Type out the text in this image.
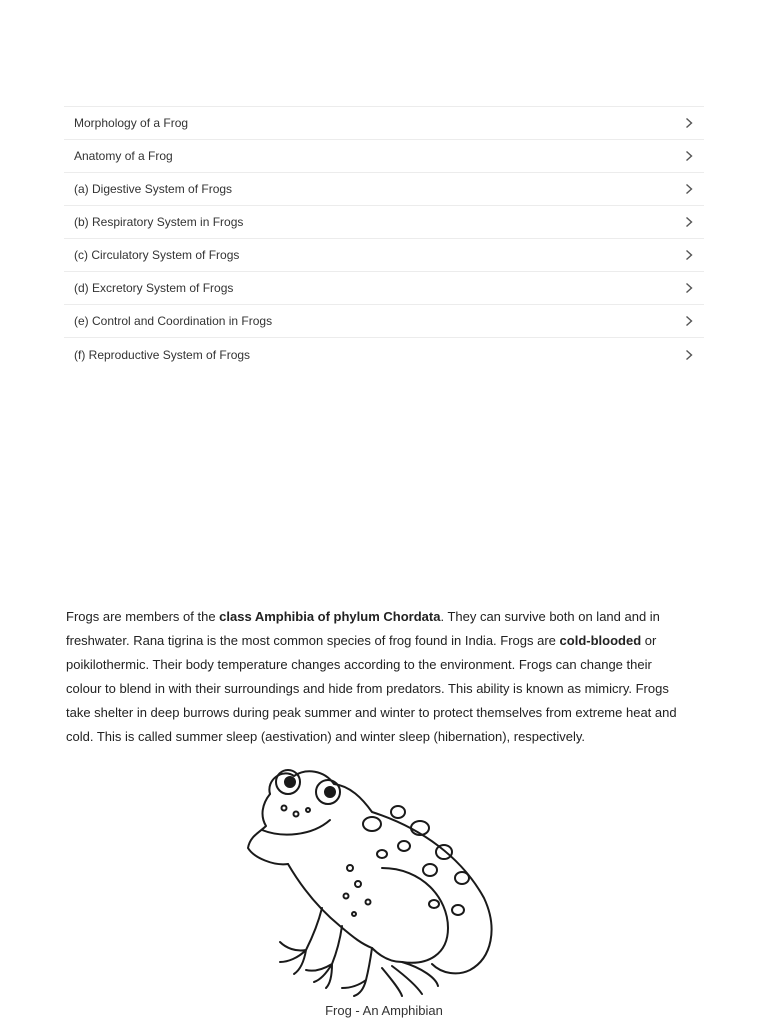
Morphology of a Frog
Anatomy of a Frog
(a) Digestive System of Frogs
(b) Respiratory System in Frogs
(c) Circulatory System of Frogs
(d) Excretory System of Frogs
(e) Control and Coordination in Frogs
(f) Reproductive System of Frogs

Frogs are members of the class Amphibia of phylum Chordata. They can survive both on land and in freshwater. Rana tigrina is the most common species of frog found in India. Frogs are cold-blooded or poikilothermic. Their body temperature changes according to the environment. Frogs can change their colour to blend in with their surroundings and hide from predators. This ability is known as mimicry. Frogs take shelter in deep burrows during peak summer and winter to protect themselves from extreme heat and cold. This is called summer sleep (aestivation) and winter sleep (hibernation), respectively.

Frog - An Amphibian
